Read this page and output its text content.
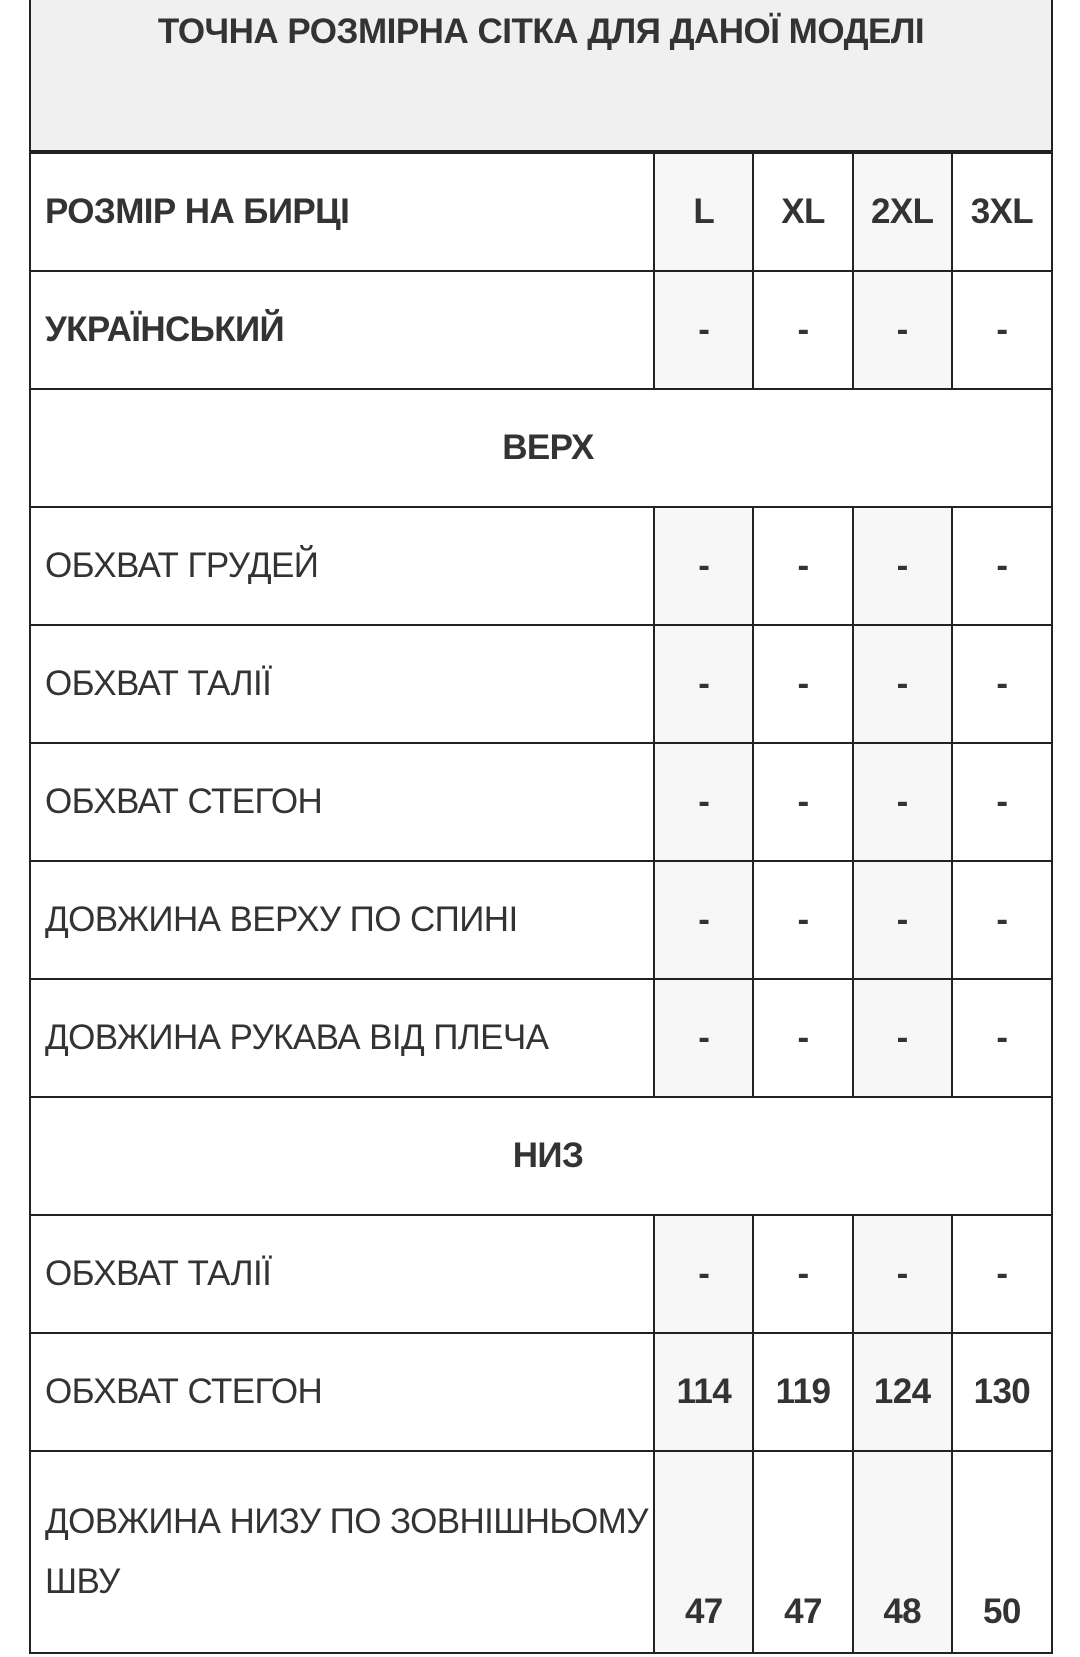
ТОЧНА РОЗМІРНА СІТКА ДЛЯ ДАНОЇ МОДЕЛІ
РОЗМІР НА БИРЦІ	L	XL	2XL	3XL
УКРАЇНСЬКИЙ	-	-	-	-
ВЕРХ				
ОБХВАТ ГРУДЕЙ	-	-	-	-
ОБХВАТ ТАЛІЇ	-	-	-	-
ОБХВАТ СТЕГОН	-	-	-	-
ДОВЖИНА ВЕРХУ ПО СПИНІ	-	-	-	-
ДОВЖИНА РУКАВА ВІД ПЛЕЧА	-	-	-	-
НИЗ				
ОБХВАТ ТАЛІЇ	-	-	-	-
ОБХВАТ СТЕГОН	114	119	124	130
ДОВЖИНА НИЗУ ПО ЗОВНІШНЬОМУ ШВУ	47	47	48	50
